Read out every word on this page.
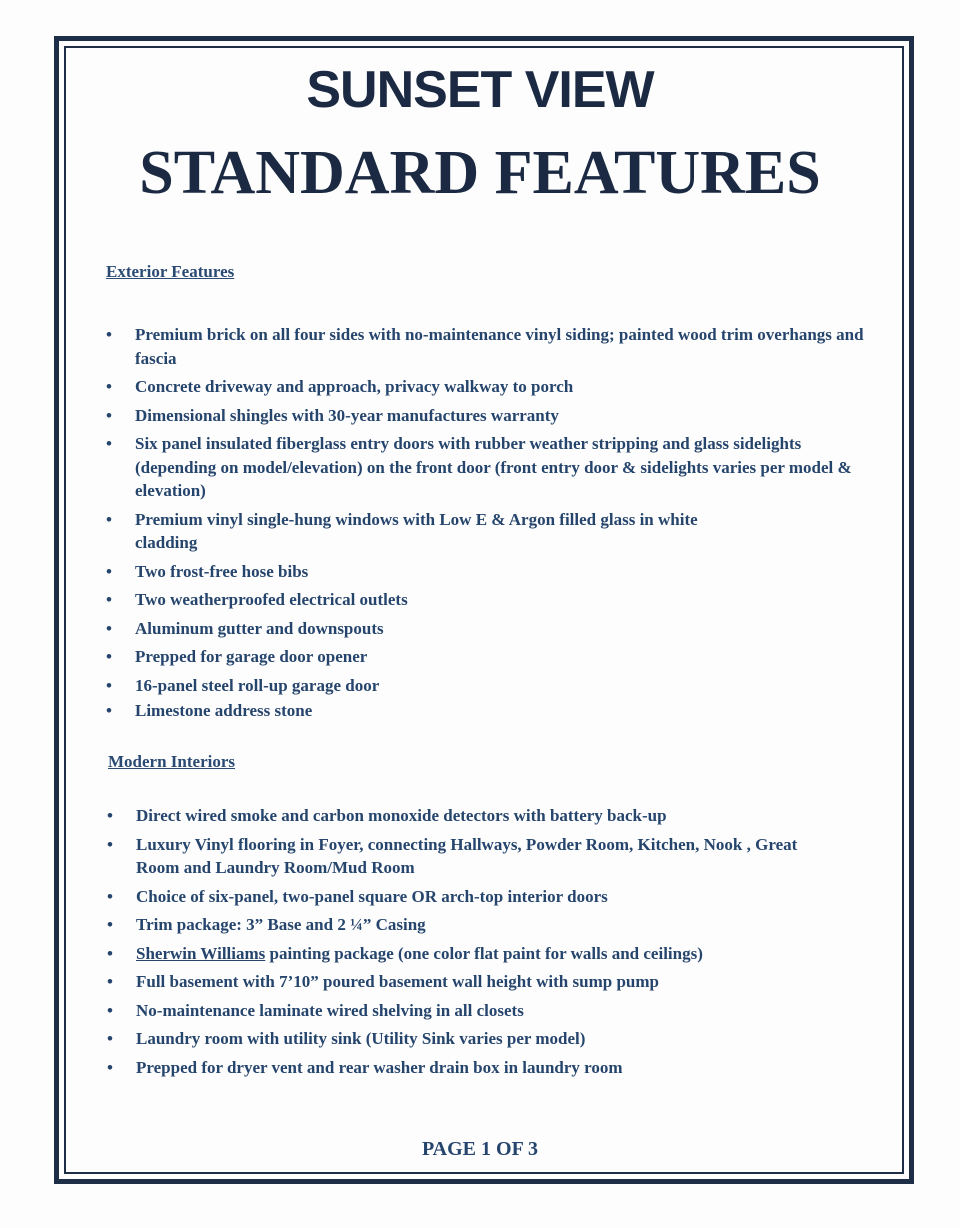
SUNSET VIEW
STANDARD FEATURES
Exterior Features
•	Premium brick on all four sides with no-maintenance vinyl siding; painted wood trim overhangs and fascia
•	Concrete driveway and approach, privacy walkway to porch
•	Dimensional shingles with 30-year manufactures warranty
•	Six panel insulated fiberglass entry doors with rubber weather stripping and glass sidelights (depending on model/elevation) on the front door (front entry door & sidelights varies per model & elevation)
•	Premium vinyl single-hung windows with Low E & Argon filled glass in white cladding
•	Two frost-free hose bibs
•	Two weatherproofed electrical outlets
•	Aluminum gutter and downspouts
•	Prepped for garage door opener
•	16-panel steel roll-up garage door
•	Limestone address stone
Modern Interiors
•	Direct wired smoke and carbon monoxide detectors with battery back-up
•	Luxury Vinyl flooring in Foyer, connecting Hallways, Powder Room, Kitchen, Nook , Great Room and Laundry Room/Mud Room
•	Choice of six-panel, two-panel square OR arch-top interior doors
•	Trim package: 3” Base and 2 ¼” Casing
•	Sherwin Williams painting package (one color flat paint for walls and ceilings)
•	Full basement with 7’10” poured basement wall height with sump pump
•	No-maintenance laminate wired shelving in all closets
•	Laundry room with utility sink (Utility Sink varies per model)
•	Prepped for dryer vent and rear washer drain box in laundry room
PAGE 1 OF 3
